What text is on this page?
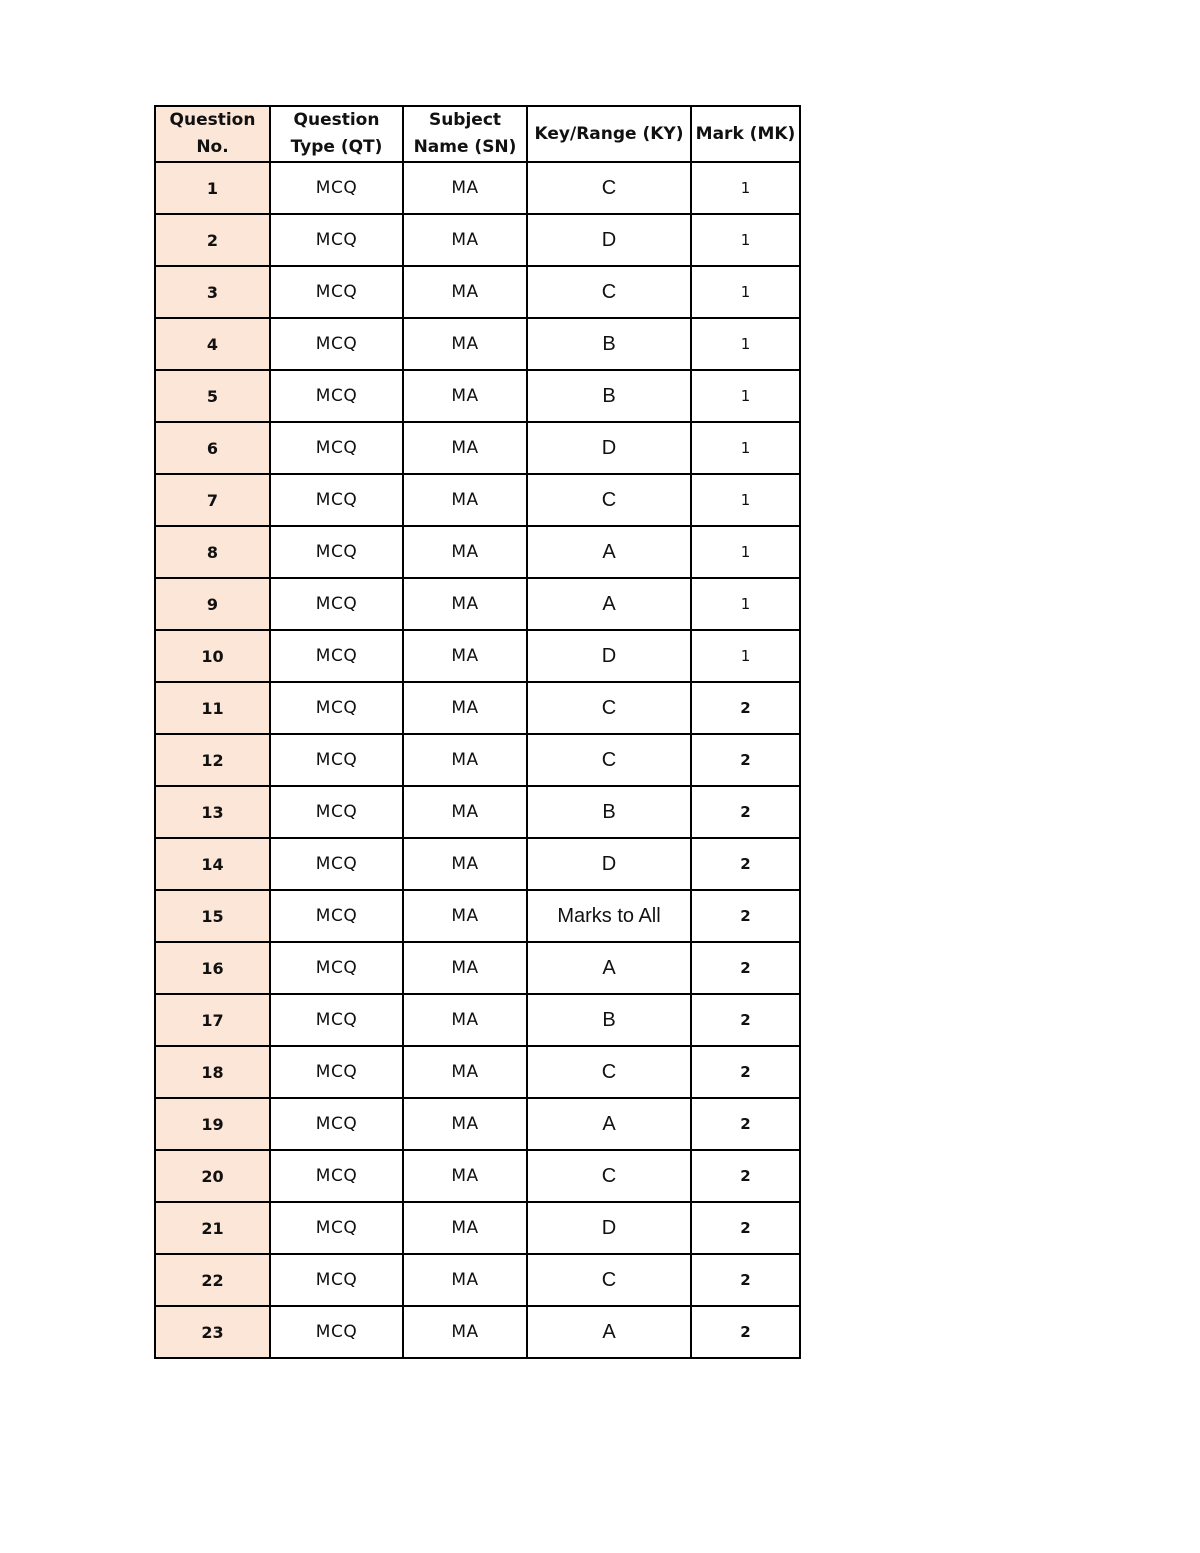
Question No.	Question Type (QT)	Subject Name (SN)	Key/Range (KY)	Mark (MK)
1	MCQ	MA	C	1
2	MCQ	MA	D	1
3	MCQ	MA	C	1
4	MCQ	MA	B	1
5	MCQ	MA	B	1
6	MCQ	MA	D	1
7	MCQ	MA	C	1
8	MCQ	MA	A	1
9	MCQ	MA	A	1
10	MCQ	MA	D	1
11	MCQ	MA	C	2
12	MCQ	MA	C	2
13	MCQ	MA	B	2
14	MCQ	MA	D	2
15	MCQ	MA	Marks to All	2
16	MCQ	MA	A	2
17	MCQ	MA	B	2
18	MCQ	MA	C	2
19	MCQ	MA	A	2
20	MCQ	MA	C	2
21	MCQ	MA	D	2
22	MCQ	MA	C	2
23	MCQ	MA	A	2
